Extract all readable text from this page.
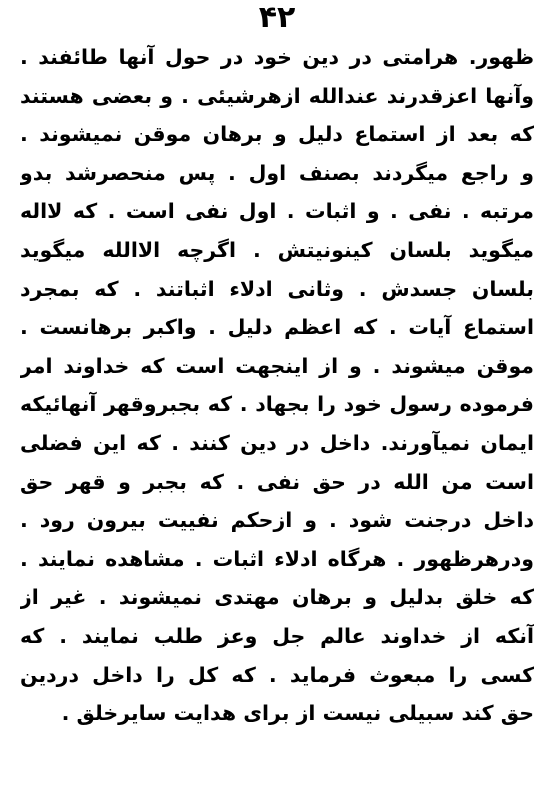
۴۲
ظهور. هرامتی در دین خود در حول آنها طائفند .
وآنها اعزقدرند عندالله ازهرشیئی . و بعضی هستند
که بعد از استماع دلیل و برهان موقن نمیشوند .
و راجع میگردند بصنف اول . پس منحصرشد بدو
مرتبه . نفی . و اثبات . اول نفی است . که لااله
میگوید بلسان کینونیتش . اگرچه الاالله میگوید
بلسان جسدش . وثانی ادلاء اثباتند . که بمجرد
استماع آیات . که اعظم دلیل . واکبر برهانست .
موقن میشوند . و از اینجهت است که خداوند امر
فرموده رسول خود را بجهاد . که بجبروقهر آنهائیکه
ایمان نمیآورند. داخل در دین کنند . که این فضلی
است من الله در حق نفی . که بجبر و قهر حق
داخل درجنت شود . و ازحکم نفییت بیرون رود .
ودرهرظهور . هرگاه ادلاء اثبات . مشاهده نمایند .
که خلق بدلیل و برهان مهتدی نمیشوند . غیر از
آنکه از خداوند عالم جل وعز طلب نمایند . که
کسی را مبعوث فرماید . که کل را داخل دردین
حق کند سبیلی نیست از برای هدایت سایرخلق .
